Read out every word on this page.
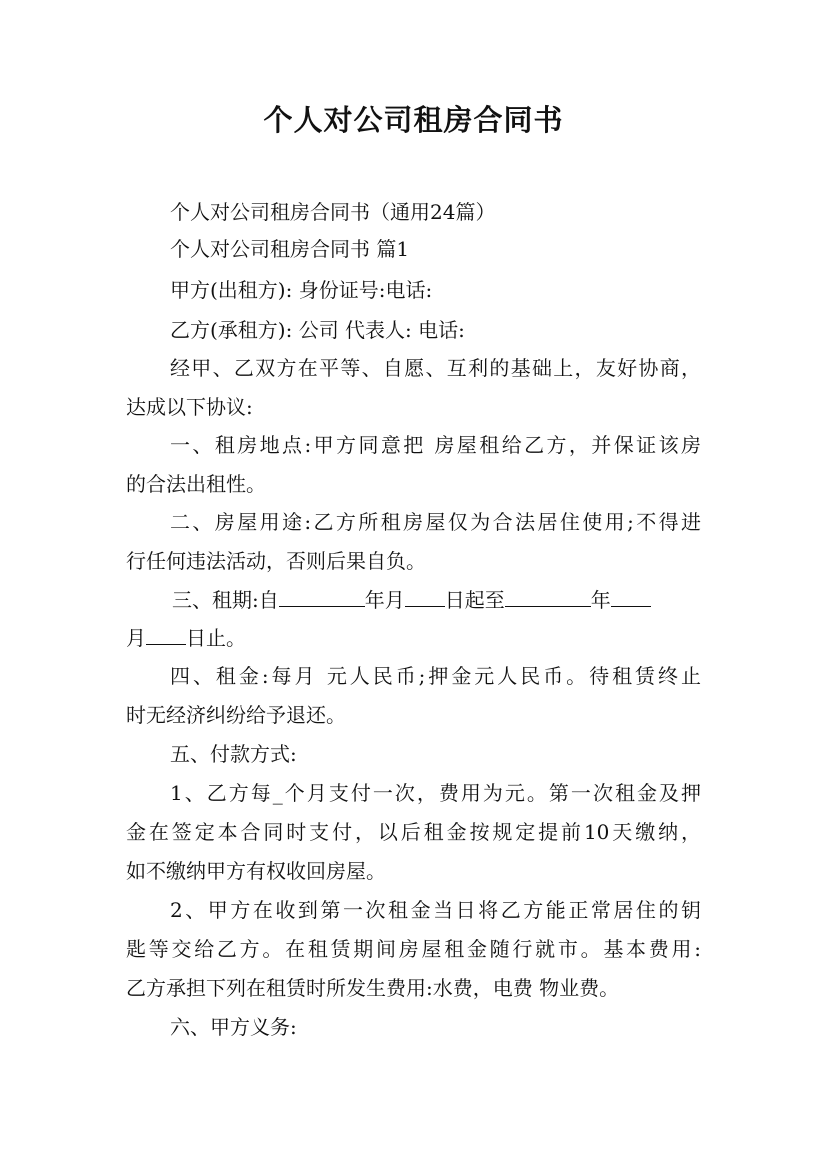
个人对公司租房合同书
个人对公司租房合同书（通用24篇）
个人对公司租房合同书 篇1
甲方(出租方): 身份证号:电话:
乙方(承租方): 公司 代表人: 电话:
经甲、乙双方在平等、自愿、互利的基础上，友好协商，
达成以下协议:
一、租房地点:甲方同意把 房屋租给乙方，并保证该房
的合法出租性。
二、房屋用途:乙方所租房屋仅为合法居住使用;不得进
行任何违法活动，否则后果自负。
三、租期:自	年月 日起至	年
月 日止。
四、租金:每月 元人民币;押金元人民币。待租赁终止
时无经济纠纷给予退还。
五、付款方式:
1、乙方每_个月支付一次，费用为元。第一次租金及押
金在签定本合同时支付，以后租金按规定提前10天缴纳，
如不缴纳甲方有权收回房屋。
2、甲方在收到第一次租金当日将乙方能正常居住的钥
匙等交给乙方。在租赁期间房屋租金随行就市。基本费用:
乙方承担下列在租赁时所发生费用:水费，电费 物业费。
六、甲方义务:
